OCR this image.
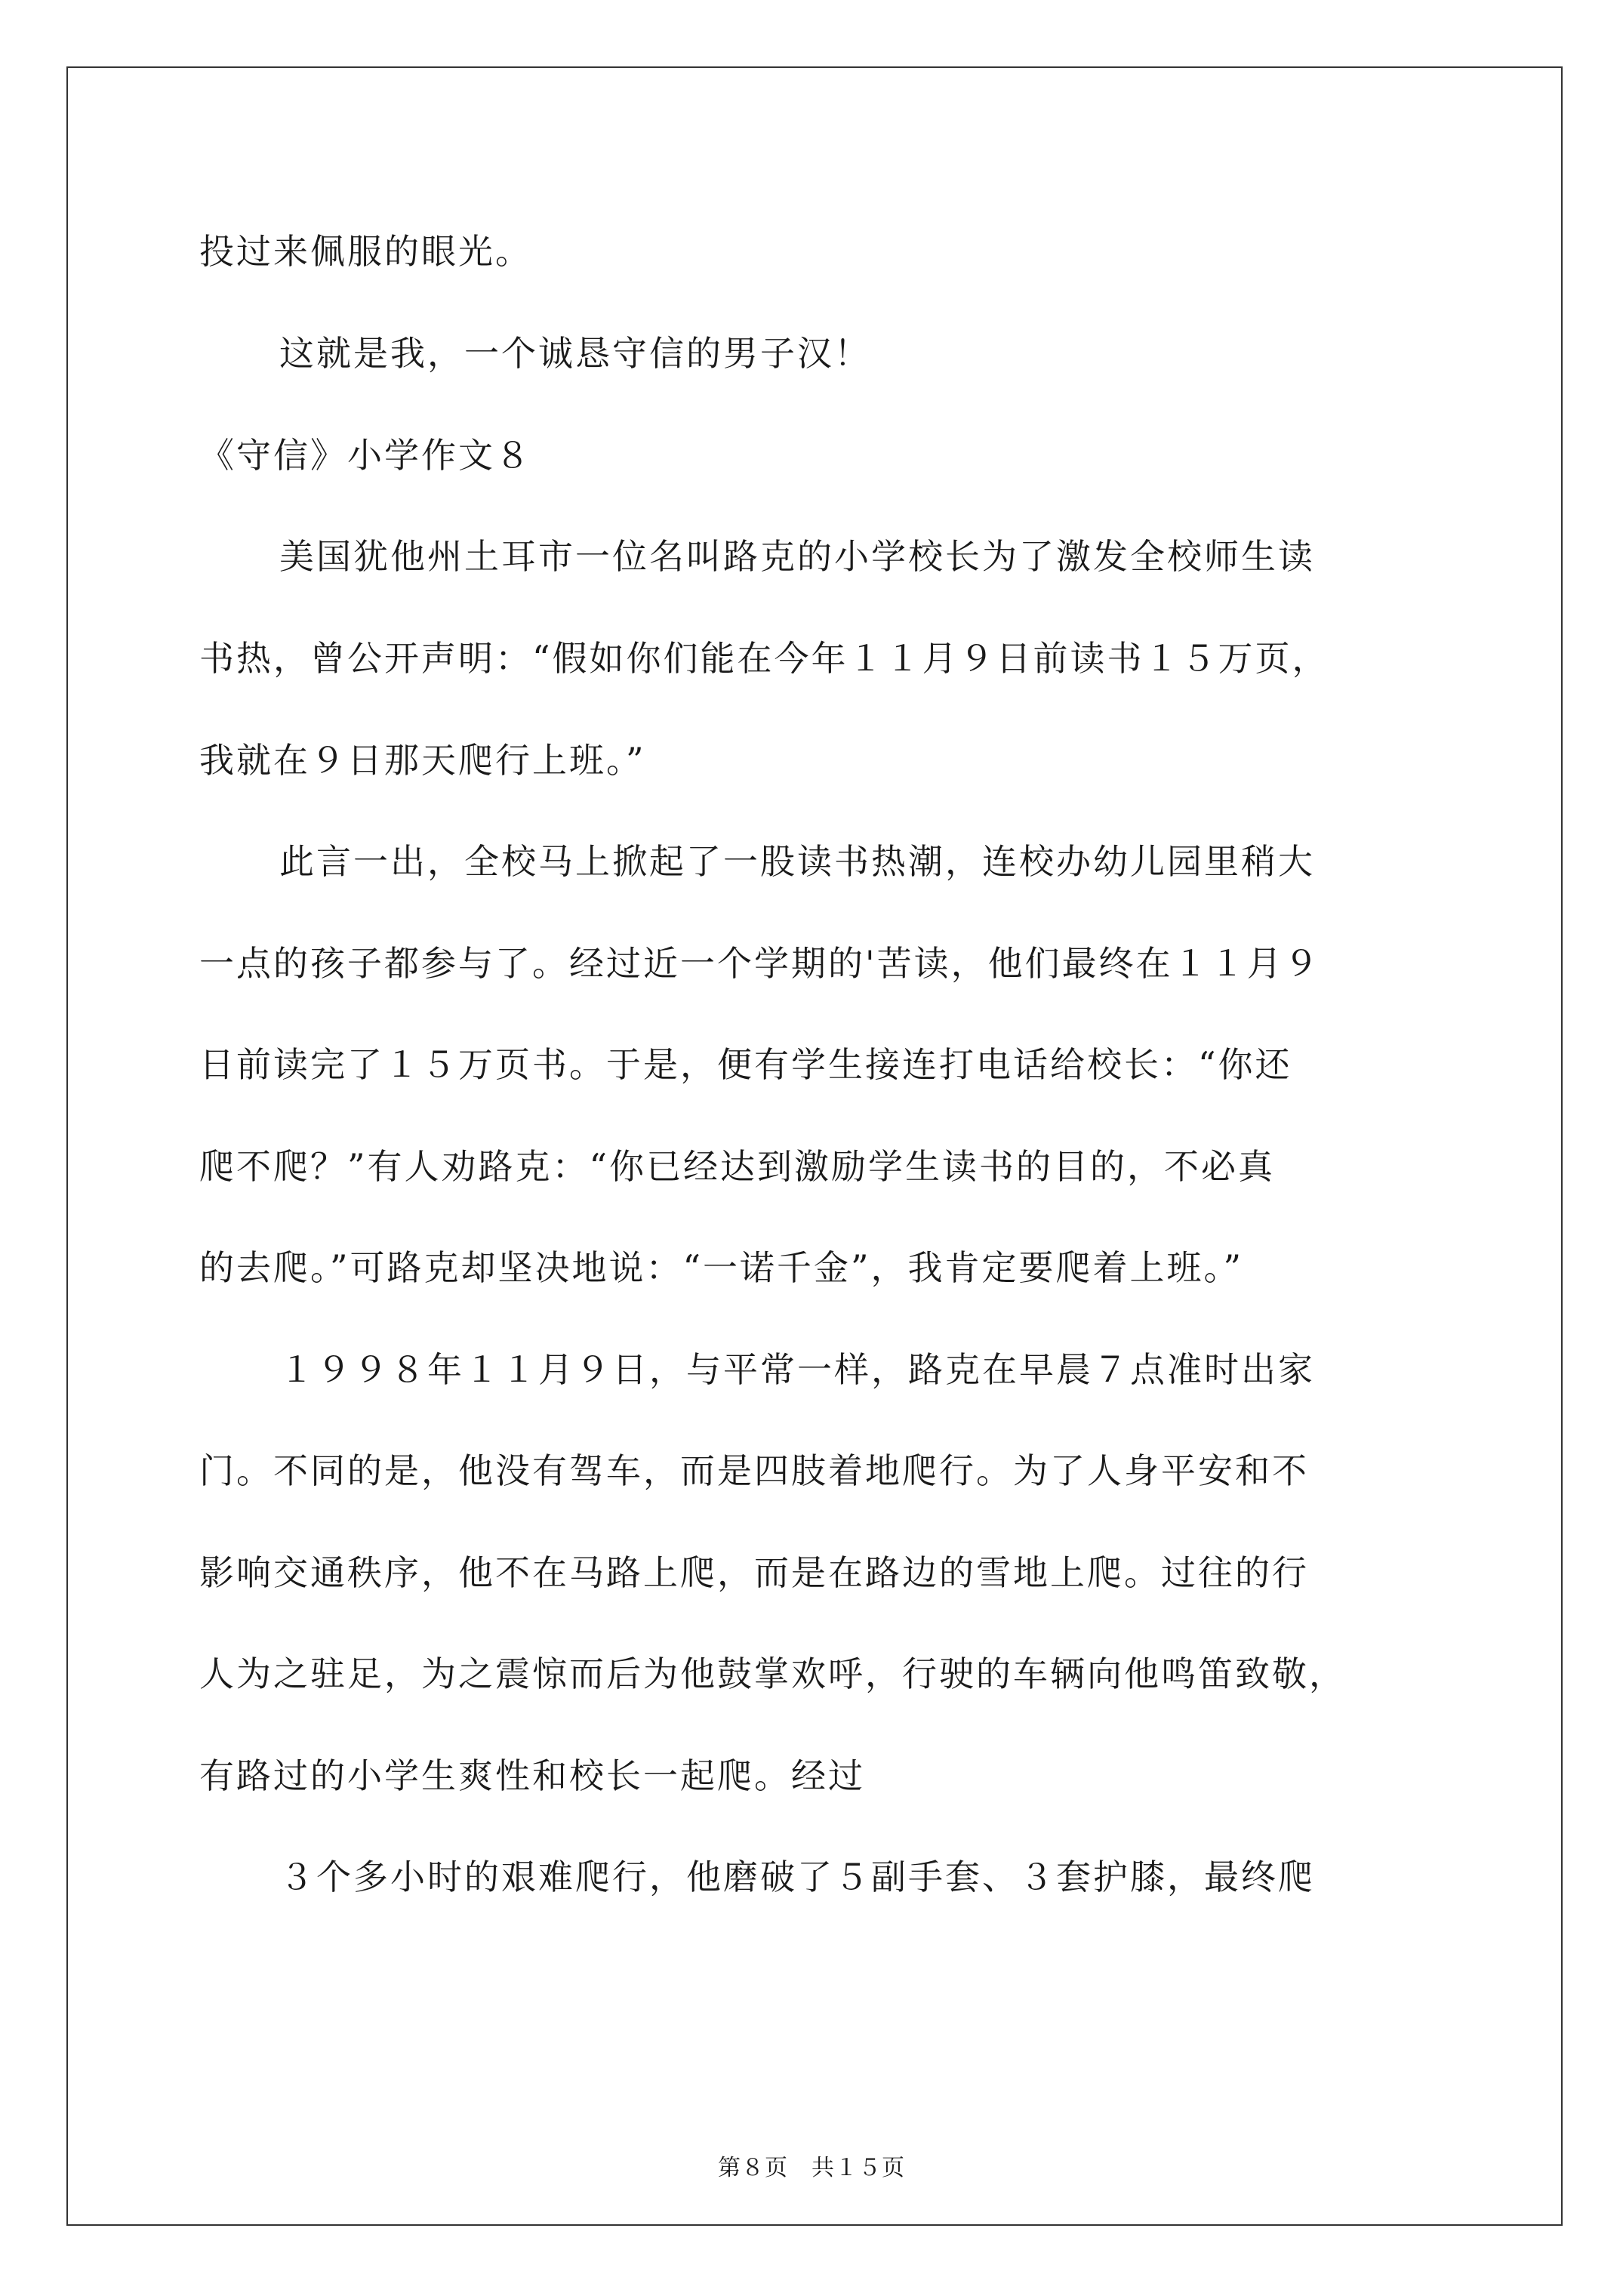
投过来佩服的眼光。
这就是我，一个诚恳守信的男子汉！
《守信》小学作文８
美国犹他州土耳市一位名叫路克的小学校长为了激发全校师生读
书热，曾公开声明：“假如你们能在今年１１月９日前读书１５万页，
我就在９日那天爬行上班。”
此言一出，全校马上掀起了一股读书热潮，连校办幼儿园里稍大
一点的孩子都参与了。经过近一个学期的'苦读，他们最终在１１月９
日前读完了１５万页书。于是，便有学生接连打电话给校长：“你还
爬不爬？”有人劝路克：“你已经达到激励学生读书的目的，不必真
的去爬。”可路克却坚决地说：“一诺千金”，我肯定要爬着上班。”
１９９８年１１月９日，与平常一样，路克在早晨７点准时出家
门。不同的是，他没有驾车，而是四肢着地爬行。为了人身平安和不
影响交通秩序，他不在马路上爬，而是在路边的雪地上爬。过往的行
人为之驻足，为之震惊而后为他鼓掌欢呼，行驶的车辆向他鸣笛致敬，
有路过的小学生爽性和校长一起爬。经过
３个多小时的艰难爬行，他磨破了５副手套、３套护膝，最终爬
第８页　共１５页
